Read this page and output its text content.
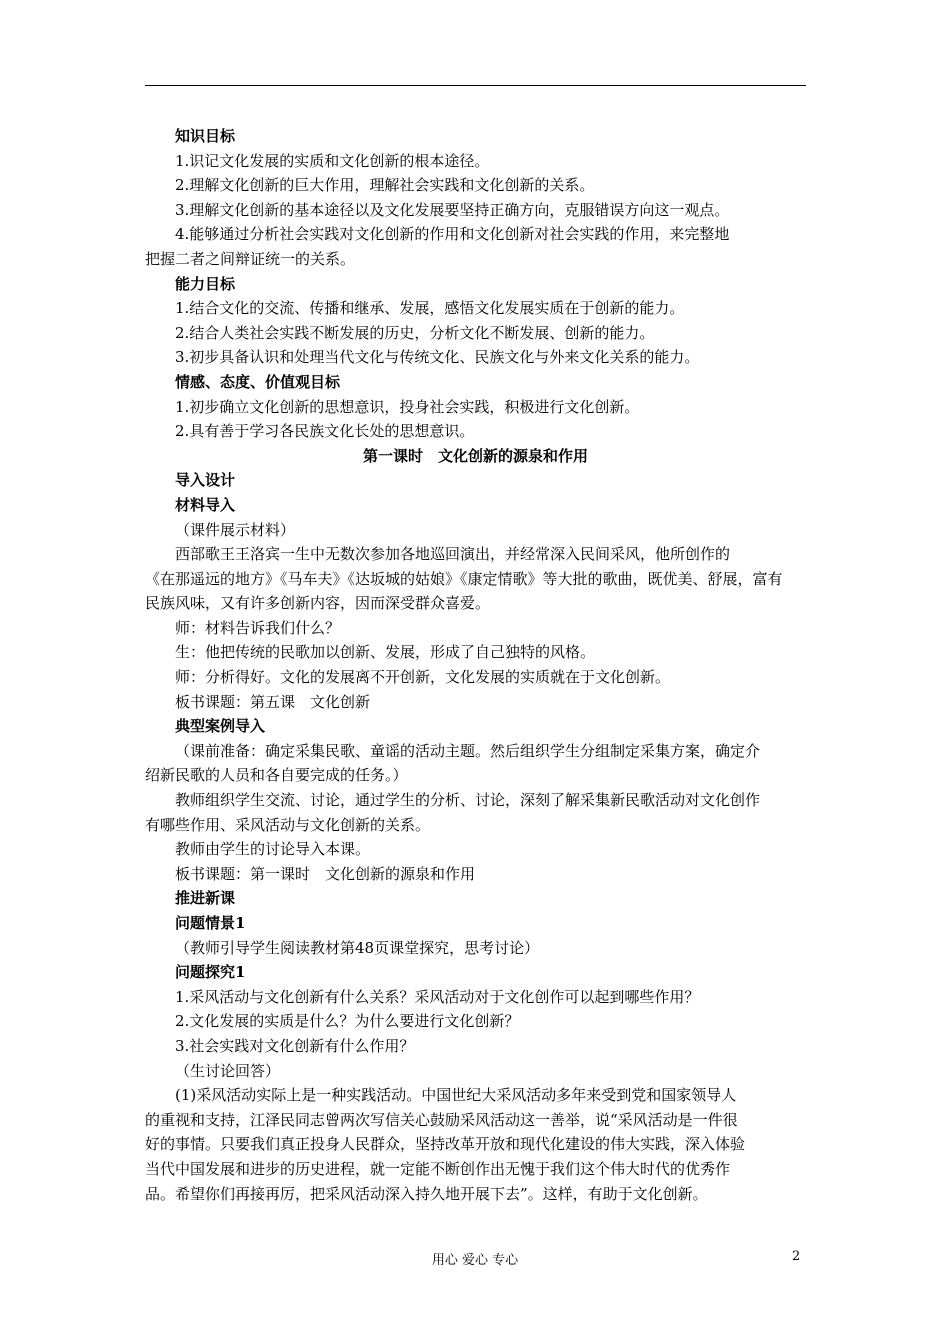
知识目标

1.识记文化发展的实质和文化创新的根本途径。

2.理解文化创新的巨大作用，理解社会实践和文化创新的关系。

3.理解文化创新的基本途径以及文化发展要坚持正确方向，克服错误方向这一观点。

4.能够通过分析社会实践对文化创新的作用和文化创新对社会实践的作用，来完整地

把握二者之间辩证统一的关系。

能力目标

1.结合文化的交流、传播和继承、发展，感悟文化发展实质在于创新的能力。

2.结合人类社会实践不断发展的历史，分析文化不断发展、创新的能力。

3.初步具备认识和处理当代文化与传统文化、民族文化与外来文化关系的能力。

情感、态度、价值观目标

1.初步确立文化创新的思想意识，投身社会实践，积极进行文化创新。

2.具有善于学习各民族文化长处的思想意识。

第一课时　文化创新的源泉和作用

导入设计

材料导入

（课件展示材料）

西部歌王王洛宾一生中无数次参加各地巡回演出，并经常深入民间采风，他所创作的

《在那遥远的地方》《马车夫》《达坂城的姑娘》《康定情歌》等大批的歌曲，既优美、舒展，富有

民族风味，又有许多创新内容，因而深受群众喜爱。

师：材料告诉我们什么？

生：他把传统的民歌加以创新、发展，形成了自己独特的风格。

师：分析得好。文化的发展离不开创新，文化发展的实质就在于文化创新。

板书课题：第五课　文化创新

典型案例导入

（课前准备：确定采集民歌、童谣的活动主题。然后组织学生分组制定采集方案，确定介

绍新民歌的人员和各自要完成的任务。）

教师组织学生交流、讨论，通过学生的分析、讨论，深刻了解采集新民歌活动对文化创作

有哪些作用、采风活动与文化创新的关系。

教师由学生的讨论导入本课。

板书课题：第一课时　文化创新的源泉和作用

推进新课

问题情景1

（教师引导学生阅读教材第48页课堂探究，思考讨论）

问题探究1

1.采风活动与文化创新有什么关系？采风活动对于文化创作可以起到哪些作用？

2.文化发展的实质是什么？为什么要进行文化创新？

3.社会实践对文化创新有什么作用？

（生讨论回答）

(1)采风活动实际上是一种实践活动。中国世纪大采风活动多年来受到党和国家领导人

的重视和支持，江泽民同志曾两次写信关心鼓励采风活动这一善举，说“采风活动是一件很

好的事情。只要我们真正投身人民群众，坚持改革开放和现代化建设的伟大实践，深入体验

当代中国发展和进步的历史进程，就一定能不断创作出无愧于我们这个伟大时代的优秀作

品。希望你们再接再厉，把采风活动深入持久地开展下去”。这样，有助于文化创新。

用心 爱心 专心	2
